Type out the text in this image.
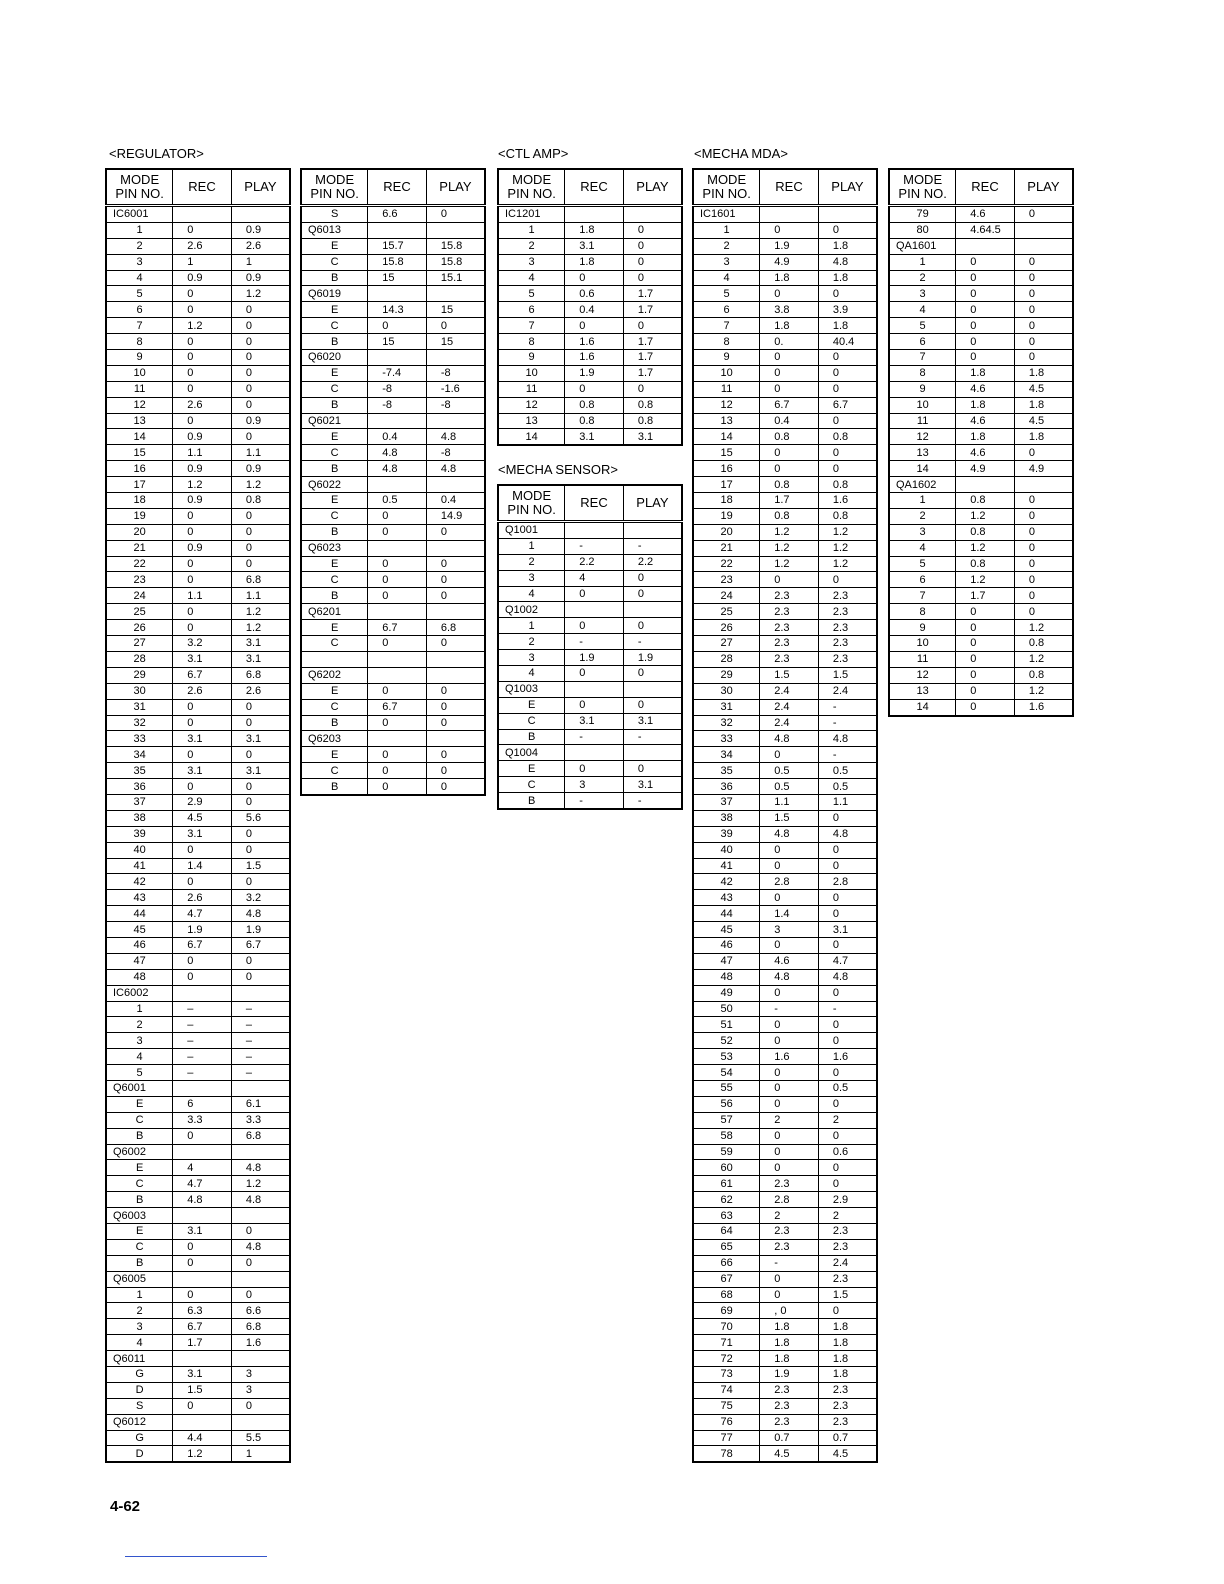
<REGULATOR>	<CTL AMP>
<MECHA SENSOR>
<MECHA MDA>
MODE
PIN NO.	REC	PLAY
IC6001		
1	0	0.9
2	2.6	2.6
3	1	1
4	0.9	0.9
5	0	1.2
6	0	0
7	1.2	0
8	0	0
9	0	0
10	0	0
11	0	0
12	2.6	0
13	0	0.9
14	0.9	0
15	1.1	1.1
16	0.9	0.9
17	1.2	1.2
18	0.9	0.8
19	0	0
20	0	0
21	0.9	0
22	0	0
23	0	6.8
24	1.1	1.1
25	0	1.2
26	0	1.2
27	3.2	3.1
28	3.1	3.1
29	6.7	6.8
30	2.6	2.6
31	0	0
32	0	0
33	3.1	3.1
34	0	0
35	3.1	3.1
36	0	0
37	2.9	0
38	4.5	5.6
39	3.1	0
40	0	0
41	1.4	1.5
42	0	0
43	2.6	3.2
44	4.7	4.8
45	1.9	1.9
46	6.7	6.7
47	0	0
48	0	0
IC6002		
1	–	–
2	–	–
3	–	–
4	–	–
5	–	–
Q6001		
E	6	6.1
C	3.3	3.3
B	0	6.8
Q6002		
E	4	4.8
C	4.7	1.2
B	4.8	4.8
Q6003		
E	3.1	0
C	0	4.8
B	0	0
Q6005		
1	0	0
2	6.3	6.6
3	6.7	6.8
4	1.7	1.6
Q6011		
G	3.1	3
D	1.5	3
S	0	0
Q6012		
G	4.4	5.5
D	1.2	1
MODE
PIN NO.	REC	PLAY
S	6.6	0
Q6013		
E	15.7	15.8
C	15.8	15.8
B	15	15.1
Q6019		
E	14.3	15
C	0	0
B	15	15
Q6020		
E	-7.4	-8
C	-8	-1.6
B	-8	-8
Q6021		
E	0.4	4.8
C	4.8	-8
B	4.8	4.8
Q6022		
E	0.5	0.4
C	0	14.9
B	0	0
Q6023		
E	0	0
C	0	0
B	0	0
Q6201		
E	6.7	6.8
C	0	0

Q6202		
E	0	0
C	6.7	0
B	0	0
Q6203		
E	0	0
C	0	0
B	0	0
MODE
PIN NO.	REC	PLAY
IC1201		
1	1.8	0
2	3.1	0
3	1.8	0
4	0	0
5	0.6	1.7
6	0.4	1.7
7	0	0
8	1.6	1.7
9	1.6	1.7
10	1.9	1.7
11	0	0
12	0.8	0.8
13	0.8	0.8
14	3.1	3.1
MODE
PIN NO.	REC	PLAY
Q1001		
1	-	-
2	2.2	2.2
3	4	0
4	0	0
Q1002		
1	0	0
2	-	-
3	1.9	1.9
4	0	0
Q1003		
E	0	0
C	3.1	3.1
B	-	-
Q1004		
E	0	0
C	3	3.1
B	-	-
MODE
PIN NO.	REC	PLAY
IC1601		
1	0	0
2	1.9	1.8
3	4.9	4.8
4	1.8	1.8
5	0	0
6	3.8	3.9
7	1.8	1.8
8	0.	40.4
9	0	0
10	0	0
11	0	0
12	6.7	6.7
13	0.4	0
14	0.8	0.8
15	0	0
16	0	0
17	0.8	0.8
18	1.7	1.6
19	0.8	0.8
20	1.2	1.2
21	1.2	1.2
22	1.2	1.2
23	0	0
24	2.3	2.3
25	2.3	2.3
26	2.3	2.3
27	2.3	2.3
28	2.3	2.3
29	1.5	1.5
30	2.4	2.4
31	2.4	-
32	2.4	-
33	4.8	4.8
34	0	-
35	0.5	0.5
36	0.5	0.5
37	1.1	1.1
38	1.5	0
39	4.8	4.8
40	0	0
41	0	0
42	2.8	2.8
43	0	0
44	1.4	0
45	3	3.1
46	0	0
47	4.6	4.7
48	4.8	4.8
49	0	0
50	-	-
51	0	0
52	0	0
53	1.6	1.6
54	0	0
55	0	0.5
56	0	0
57	2	2
58	0	0
59	0	0.6
60	0	0
61	2.3	0
62	2.8	2.9
63	2	2
64	2.3	2.3
65	2.3	2.3
66	-	2.4
67	0	2.3
68	0	1.5
69	, 0	0
70	1.8	1.8
71	1.8	1.8
72	1.8	1.8
73	1.9	1.8
74	2.3	2.3
75	2.3	2.3
76	2.3	2.3
77	0.7	0.7
78	4.5	4.5
MODE
PIN NO.	REC	PLAY
79	4.6	0
80	4.64.5	
QA1601		
1	0	0
2	0	0
3	0	0
4	0	0
5	0	0
6	0	0
7	0	0
8	1.8	1.8
9	4.6	4.5
10	1.8	1.8
11	4.6	4.5
12	1.8	1.8
13	4.6	0
14	4.9	4.9
QA1602		
1	0.8	0
2	1.2	0
3	0.8	0
4	1.2	0
5	0.8	0
6	1.2	0
7	1.7	0
8	0	0
9	0	1.2
10	0	0.8
11	0	1.2
12	0	0.8
13	0	1.2
14	0	1.6
4-62
